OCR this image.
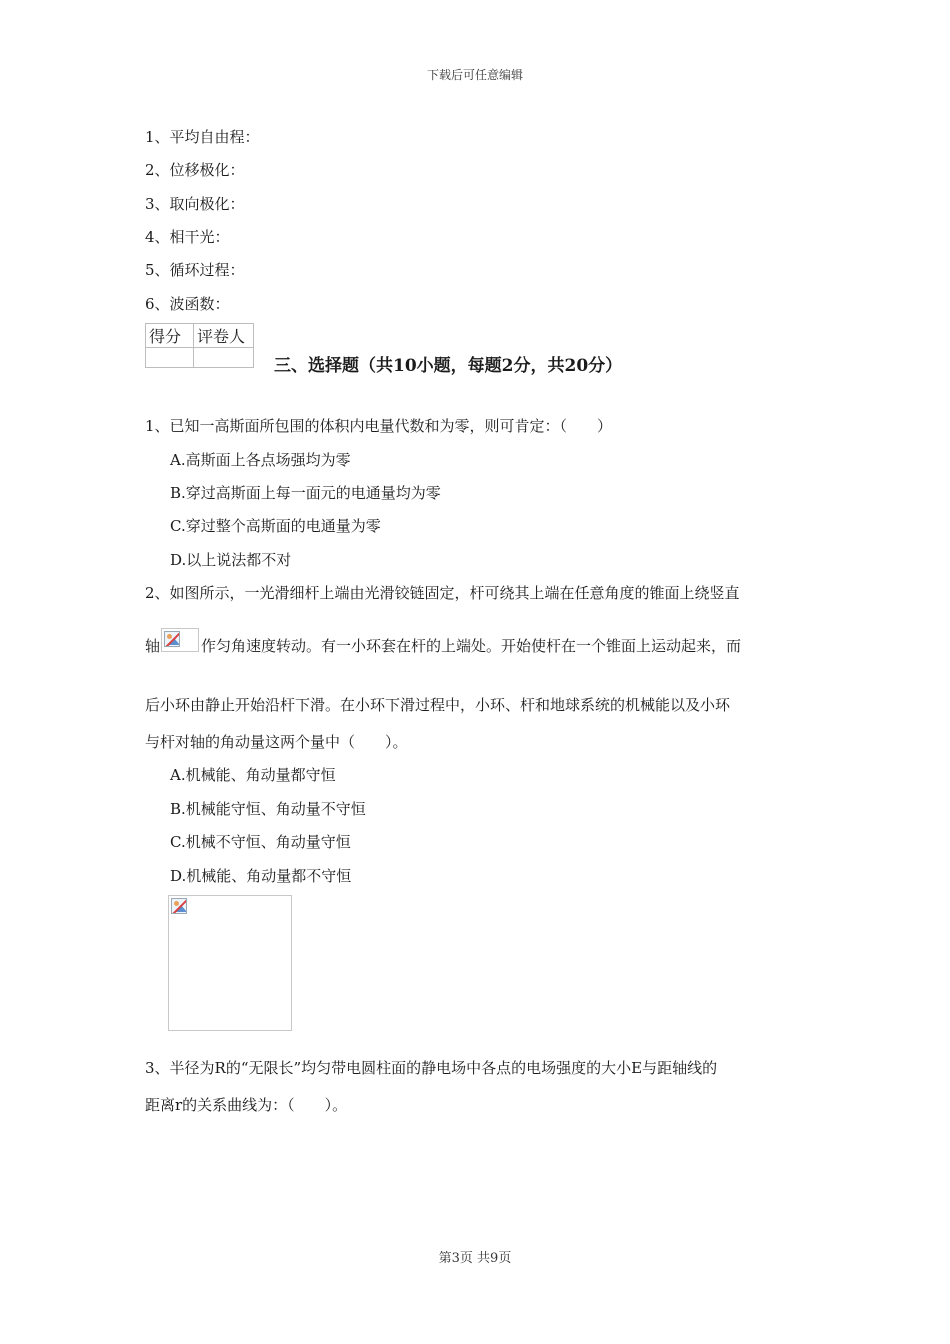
下载后可任意编辑
1、平均自由程：
2、位移极化：
3、取向极化：
4、相干光：
5、循环过程：
6、波函数：
得分	评卷人

三、选择题（共10小题，每题2分，共20分）
1、已知一高斯面所包围的体积内电量代数和为零，则可肯定：（　　）
A.高斯面上各点场强均为零
B.穿过高斯面上每一面元的电通量均为零
C.穿过整个高斯面的电通量为零
D.以上说法都不对
2、如图所示，一光滑细杆上端由光滑铰链固定，杆可绕其上端在任意角度的锥面上绕竖直
轴	作匀角速度转动。有一小环套在杆的上端处。开始使杆在一个锥面上运动起来，而
后小环由静止开始沿杆下滑。在小环下滑过程中，小环、杆和地球系统的机械能以及小环
与杆对轴的角动量这两个量中（　　）。
A.机械能、角动量都守恒
B.机械能守恒、角动量不守恒
C.机械不守恒、角动量守恒
D.机械能、角动量都不守恒
3、半径为R的“无限长”均匀带电圆柱面的静电场中各点的电场强度的大小E与距轴线的
距离r的关系曲线为：（　　）。
第3页 共9页
